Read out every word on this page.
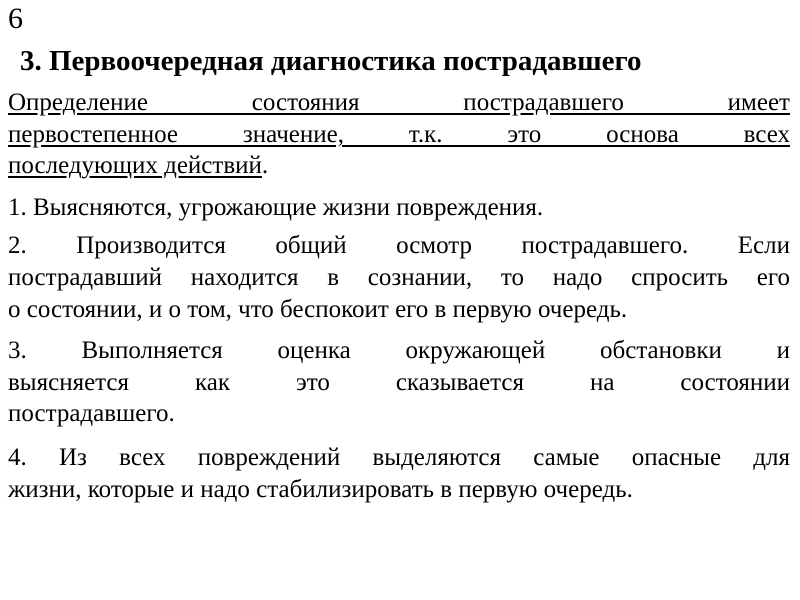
6
3. Первоочередная диагностика пострадавшего
Определение состояния пострадавшего имеет
первостепенное значение, т.к. это основа всех
последующих действий.
1. Выясняются, угрожающие жизни повреждения.
2. Производится общий осмотр пострадавшего. Если
пострадавший находится в сознании, то надо спросить его
о состоянии, и о том, что беспокоит его в первую очередь.
3. Выполняется оценка окружающей обстановки и
выясняется как это сказывается на состоянии
пострадавшего.
4. Из всех повреждений выделяются самые опасные для
жизни, которые и надо стабилизировать в первую очередь.
